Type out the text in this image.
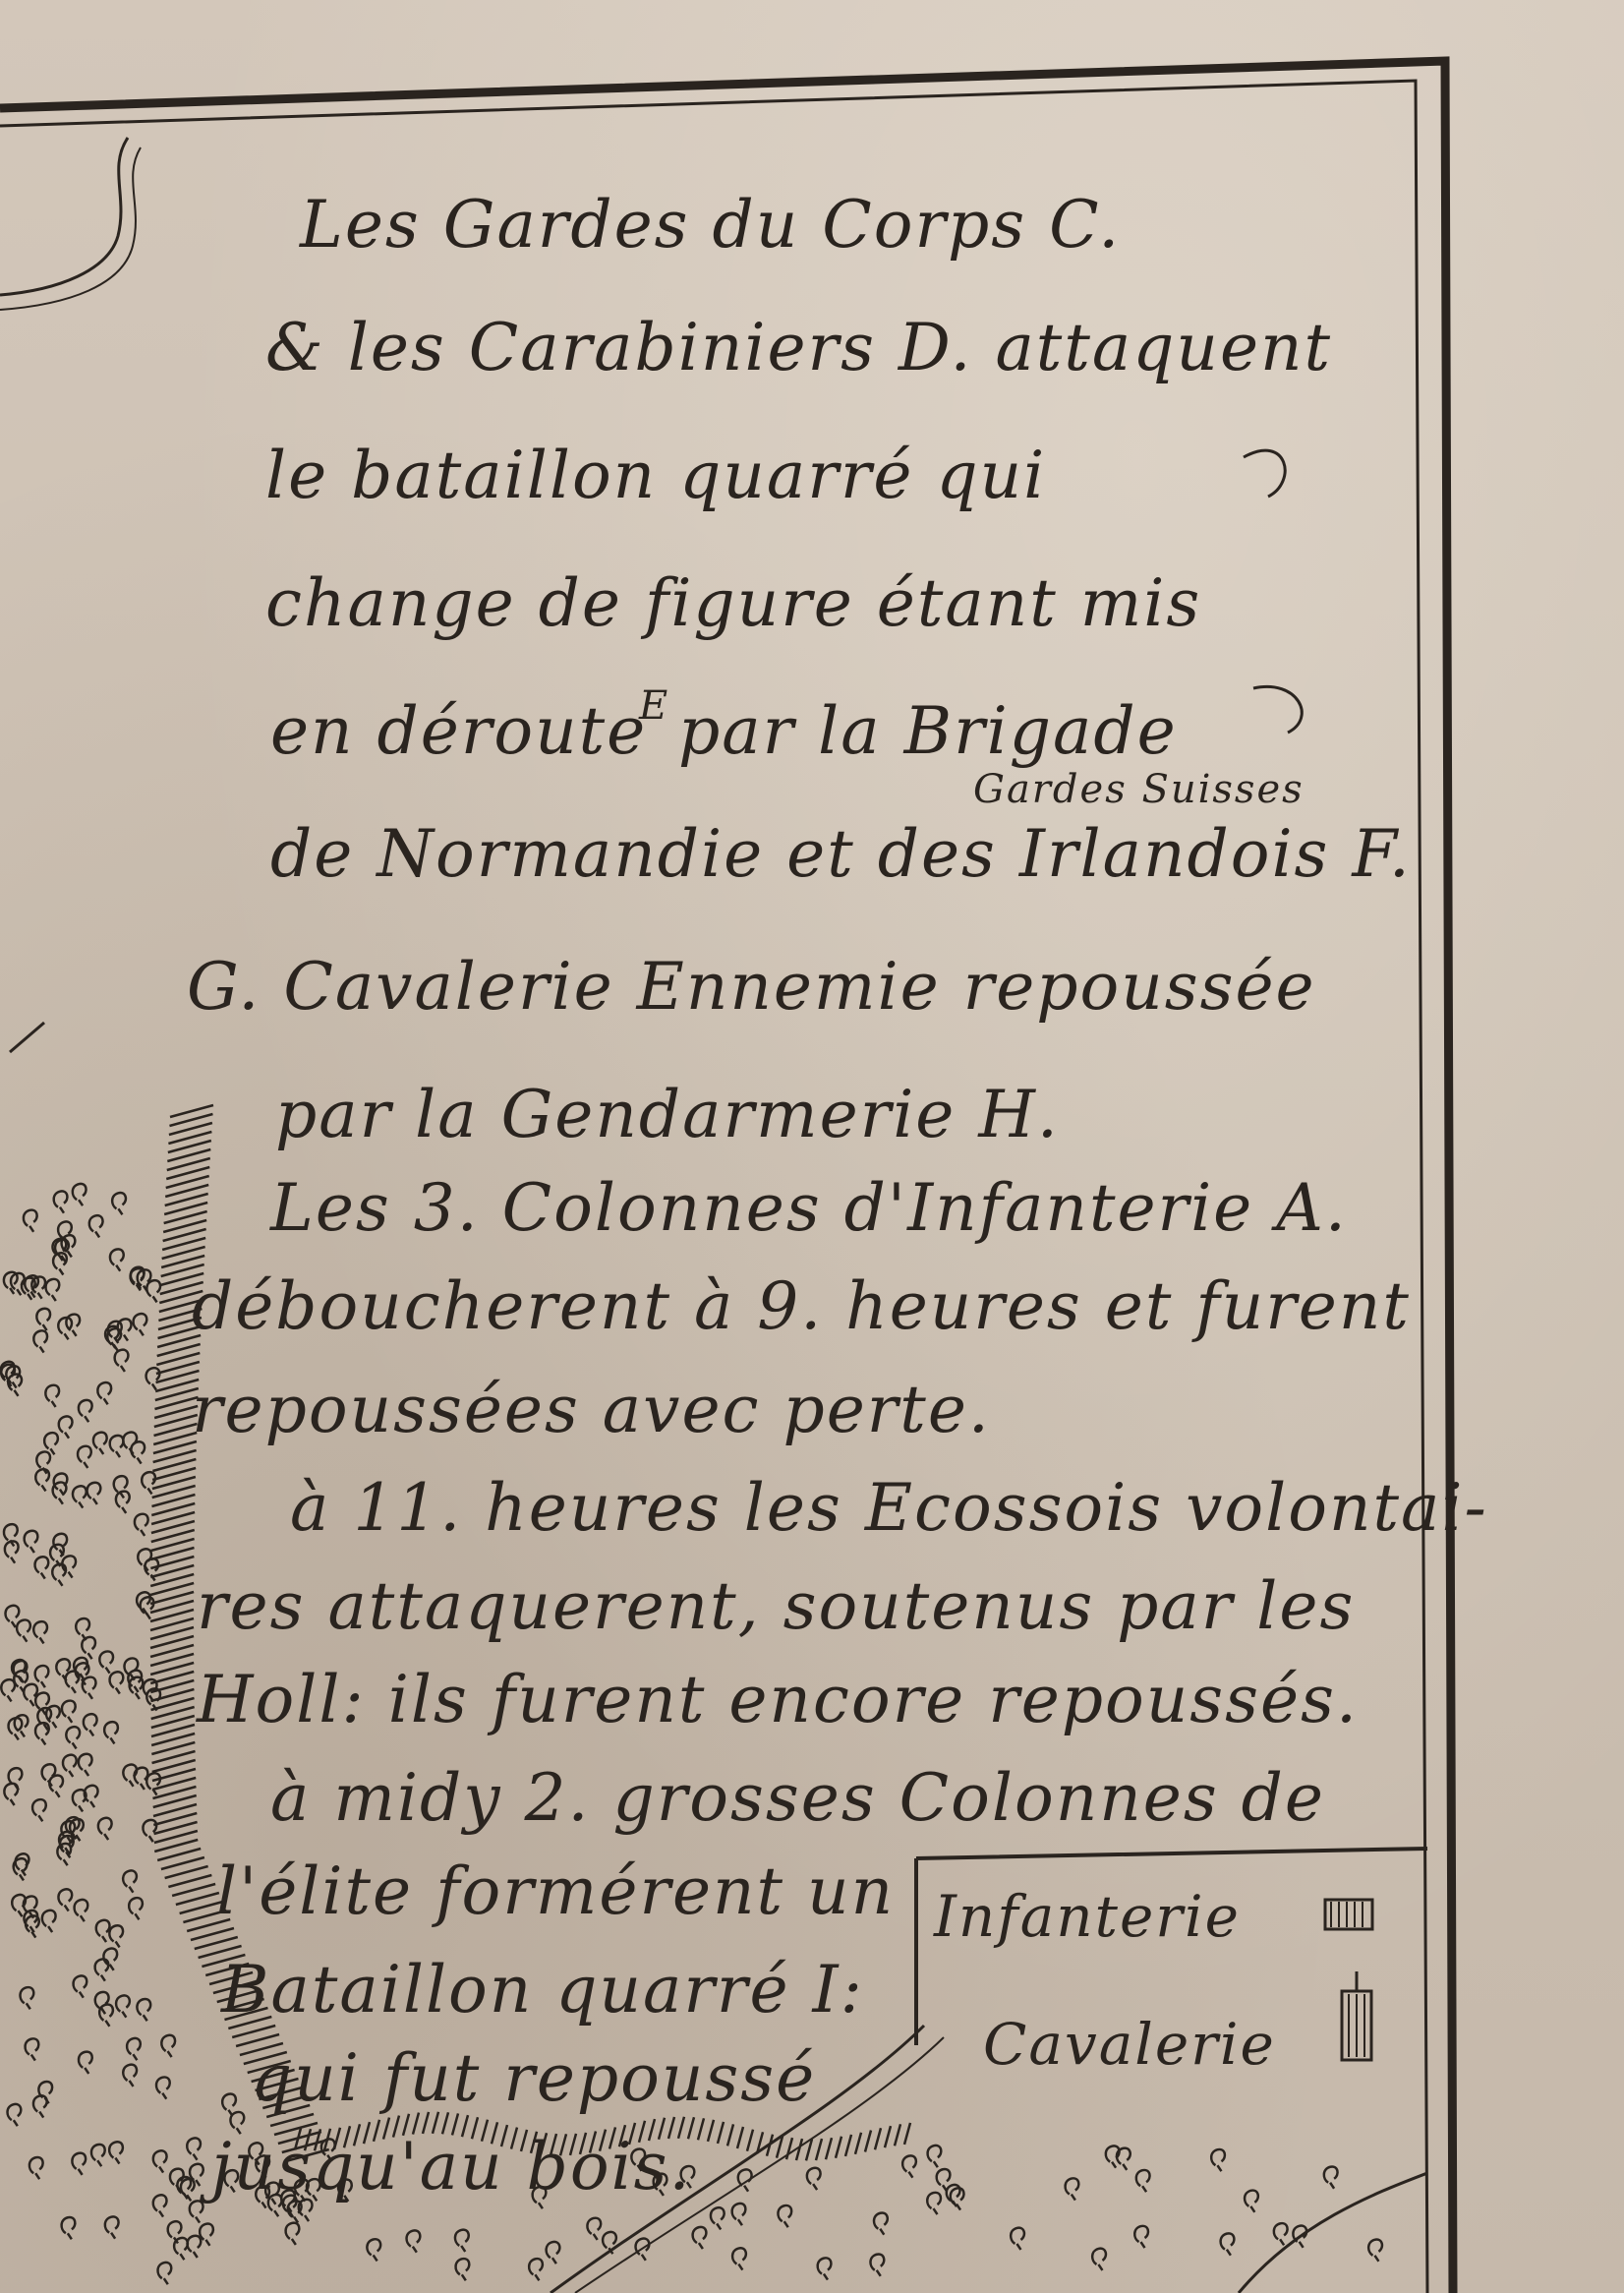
Les Gardes du Corps C.
& les Carabiniers D. attaquent
le bataillon quarré qui
change de figure étant mis
en déroute
E par la Brigade
Gardes Suisses
de Normandie et des Irlandois F.
G. Cavalerie Ennemie repoussée
par la Gendarmerie H.
Les 3. Colonnes d'Infanterie A.
déboucherent à 9. heures et furent
repoussées avec perte.
à 11. heures les Ecossois volontai-
res attaquerent, soutenus par les
Holl: ils furent encore repoussés.
à midy 2. grosses Colonnes de
l'élite formérent un
Bataillon quarré I:
qui fut repoussé
jusqu'au bois.
Infanterie
Cavalerie
